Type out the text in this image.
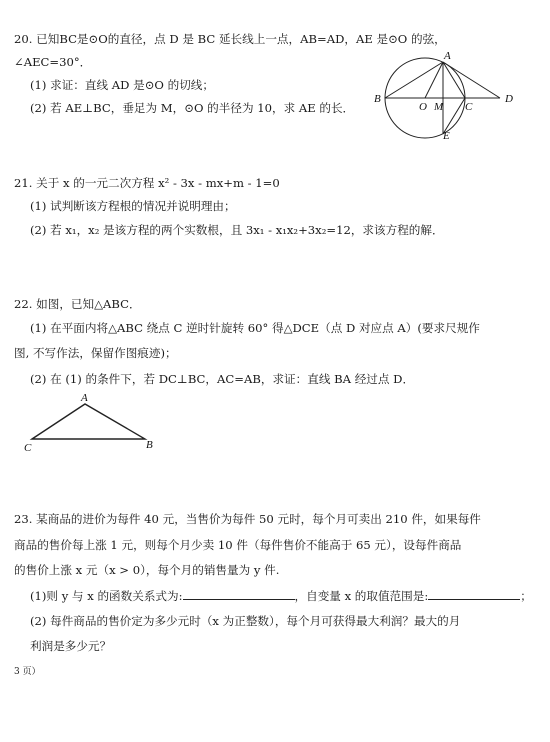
20. 已知BC是⊙O的直径，点 D 是 BC 延长线上一点，AB=AD，AE 是⊙O 的弦，
∠AEC=30°．
(1) 求证：直线 AD 是⊙O 的切线；
(2) 若 AE⊥BC，垂足为 M，⊙O 的半径为 10，求 AE 的长．
A
B
O M C
D
E
21. 关于 x 的一元二次方程 x² - 3x - mx+m - 1=0
(1) 试判断该方程根的情况并说明理由；
(2) 若 x₁，x₂ 是该方程的两个实数根，且 3x₁ - x₁x₂+3x₂=12，求该方程的解．
22. 如图，已知△ABC．
(1) 在平面内将△ABC 绕点 C 逆时针旋转 60° 得△DCE（点 D 对应点 A）(要求尺规作
图, 不写作法，保留作图痕迹)；
(2) 在 (1) 的条件下，若 DC⊥BC，AC=AB，求证：直线 BA 经过点 D．
A
C	B
23. 某商品的进价为每件 40 元，当售价为每件 50 元时，每个月可卖出 210 件，如果每件
商品的售价每上涨 1 元，则每个月少卖 10 件（每件售价不能高于 65 元），设每件商品
的售价上涨 x 元（x > 0），每个月的销售量为 y 件.
(1)则 y 与 x 的函数关系式为:	，自变量 x 的取值范围是:	；
(2) 每件商品的售价定为多少元时（x 为正整数），每个月可获得最大利润？最大的月
利润是多少元？
3 页）
